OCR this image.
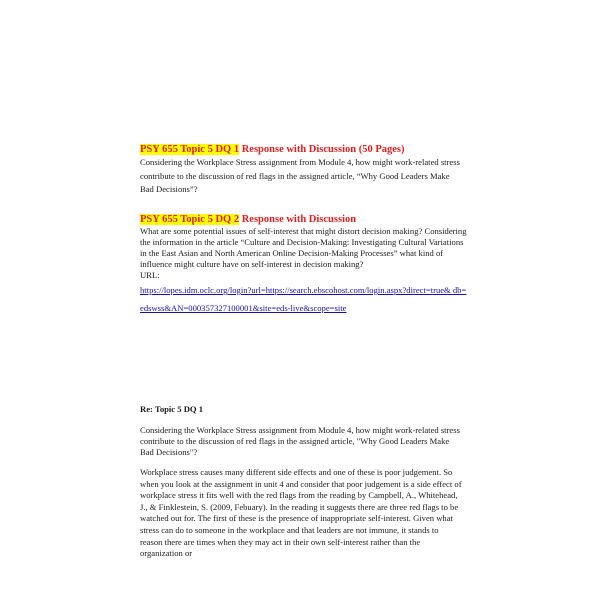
PSY 655 Topic 5 DQ 1 Response with Discussion (50 Pages)

Considering the Workplace Stress assignment from Module 4, how might work-related stress contribute to the discussion of red flags in the assigned article, “Why Good Leaders Make Bad Decisions”?

PSY 655 Topic 5 DQ 2 Response with Discussion

What are some potential issues of self-interest that might distort decision making? Considering the information in the article “Culture and Decision-Making: Investigating Cultural Variations in the East Asian and North American Online Decision-Making Processes” what kind of influence might culture have on self-interest in decision making?

URL:
https://lopes.idm.oclc.org/login?url=https://search.ebscohost.com/login.aspx?direct=true& db=edswss&AN=000357327100001&site=eds-live&scope=site
Re: Topic 5 DQ 1

Considering the Workplace Stress assignment from Module 4, how might work-related stress contribute to the discussion of red flags in the assigned article, "Why Good Leaders Make Bad Decisions"?

Workplace stress causes many different side effects and one of these is poor judgement. So when you look at the assignment in unit 4 and consider that poor judgement is a side effect of workplace stress it fits well with the red flags from the reading by Campbell, A., Whitehead, J., & Finklestein, S. (2009, Febuary). In the reading it suggests there are three red flags to be watched out for. The first of these is the presence of inappropriate self-interest. Given what stress can do to someone in the workplace and that leaders are not immune, it stands to reason there are times when they may act in their own self-interest rather than the organization or
